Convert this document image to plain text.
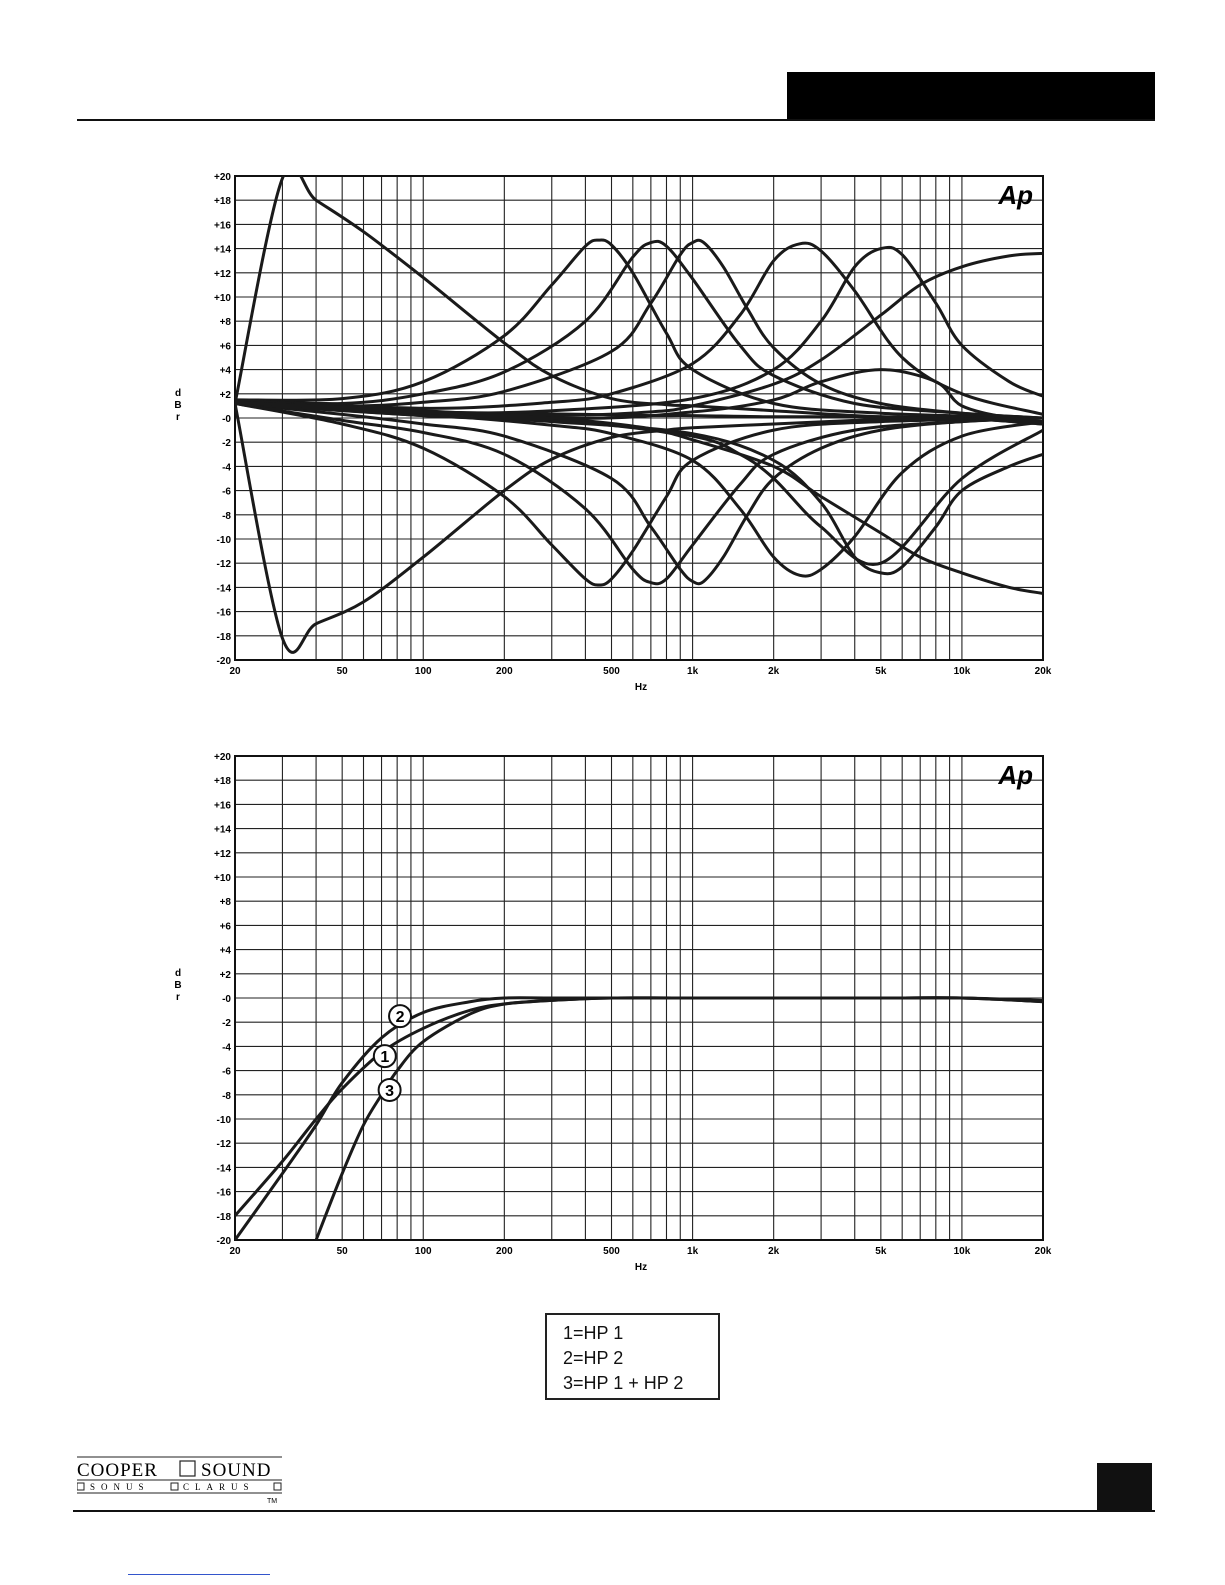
+20
+18
+16
+14
+12
+10
+8
+6
+4
+2
-0
-2
-4
-6
-8
-10
-12
-14
-16
-18
-20
20	50	100	200	500	1k	2k	5k	10k	20k
Hz
d B r
Ap
+20
+18
+16
+14
+12
+10
+8
+6
+4
+2
-0
-2
-4
-6
-8
-10
-12
-14
-16
-18
-20
20	50	100	200	500	1k	2k	5k	10k	20k
Hz
d B r
Ap
2
1
3
1=HP 1
2=HP 2
3=HP 1 + HP 2
COOPER SOUND
SONUS	CLARUS
TM
